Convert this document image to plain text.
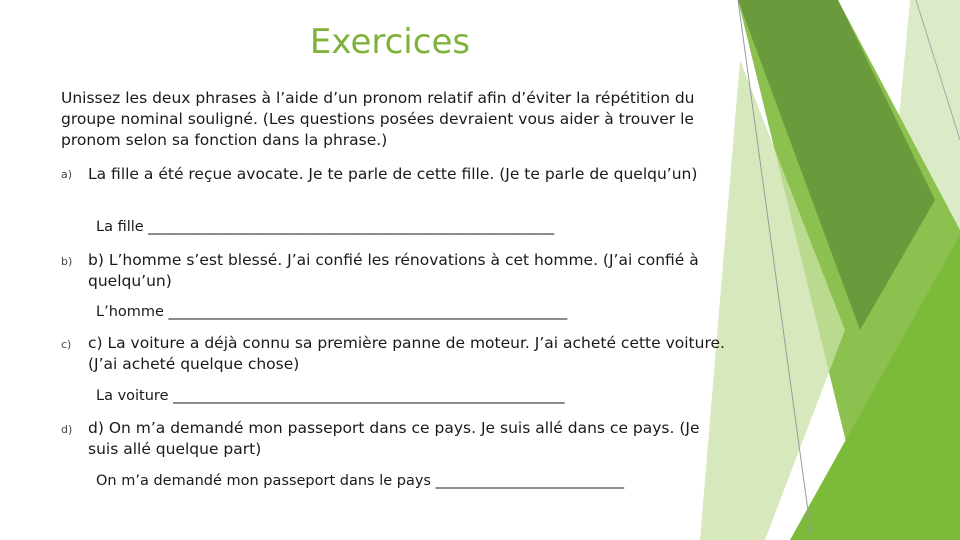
Exercices
Unissez les deux phrases à l’aide d’un pronom relatif afin d’éviter la répétition du groupe nominal souligné. (Les questions posées devraient vous aider à trouver le pronom selon sa fonction dans la phrase.)
a) La fille a été reçue avocate. Je te parle de cette fille. (Je te parle de quelqu’un)
La fille ________________________________________________________
b) b) L’homme s’est blessé. J’ai confié les rénovations à cet homme. (J’ai confié à quelqu’un)
L’homme _______________________________________________________
c) c) La voiture a déjà connu sa première panne de moteur. J’ai acheté cette voiture. (J’ai acheté quelque chose)
La voiture ______________________________________________________
d) d) On m’a demandé mon passeport dans ce pays. Je suis allé dans ce pays. (Je suis allé quelque part)
On m’a demandé mon passeport dans le pays __________________________
